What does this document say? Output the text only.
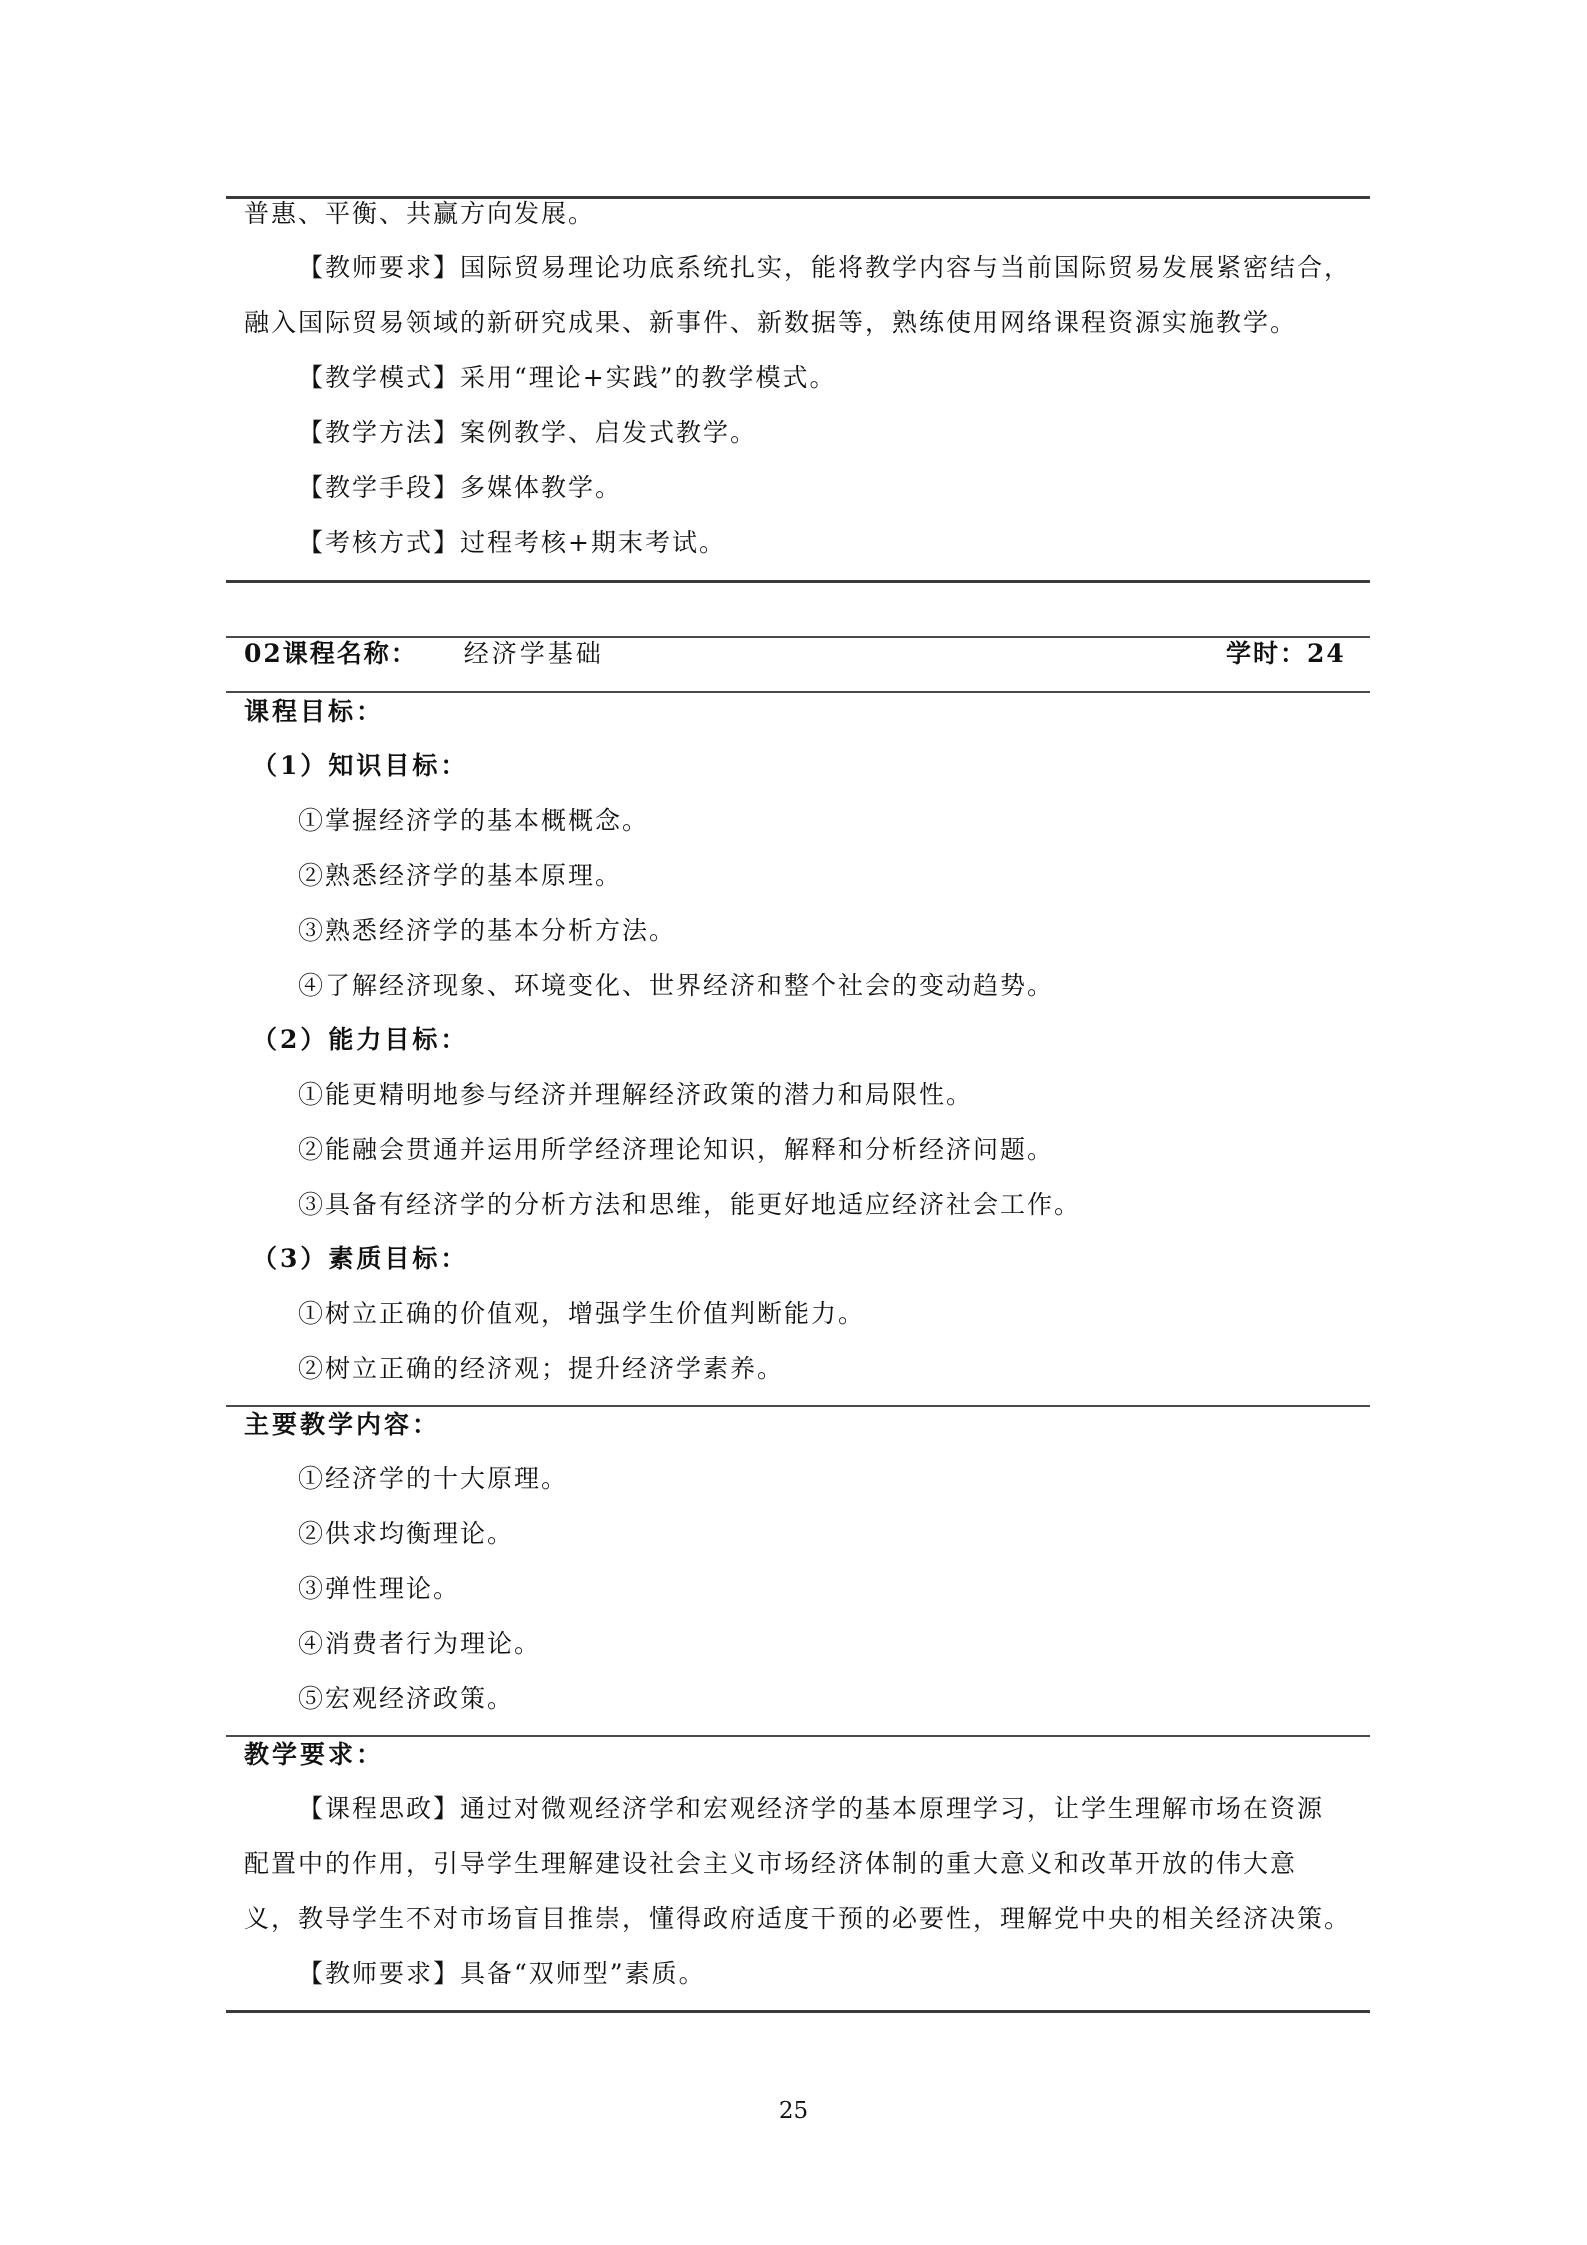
普惠、平衡、共赢方向发展。
【教师要求】国际贸易理论功底系统扎实，能将教学内容与当前国际贸易发展紧密结合，
融入国际贸易领域的新研究成果、新事件、新数据等，熟练使用网络课程资源实施教学。
【教学模式】采用“理论+实践”的教学模式。
【教学方法】案例教学、启发式教学。
【教学手段】多媒体教学。
【考核方式】过程考核+期末考试。
02课程名称： 经济学基础	学时：24
课程目标：
（1）知识目标：
①掌握经济学的基本概概念。
②熟悉经济学的基本原理。
③熟悉经济学的基本分析方法。
④了解经济现象、环境变化、世界经济和整个社会的变动趋势。
（2）能力目标：
①能更精明地参与经济并理解经济政策的潜力和局限性。
②能融会贯通并运用所学经济理论知识，解释和分析经济问题。
③具备有经济学的分析方法和思维，能更好地适应经济社会工作。
（3）素质目标：
①树立正确的价值观，增强学生价值判断能力。
②树立正确的经济观；提升经济学素养。
主要教学内容：
①经济学的十大原理。
②供求均衡理论。
③弹性理论。
④消费者行为理论。
⑤宏观经济政策。
教学要求：
【课程思政】通过对微观经济学和宏观经济学的基本原理学习，让学生理解市场在资源
配置中的作用，引导学生理解建设社会主义市场经济体制的重大意义和改革开放的伟大意
义，教导学生不对市场盲目推崇，懂得政府适度干预的必要性，理解党中央的相关经济决策。
【教师要求】具备“双师型”素质。
25
